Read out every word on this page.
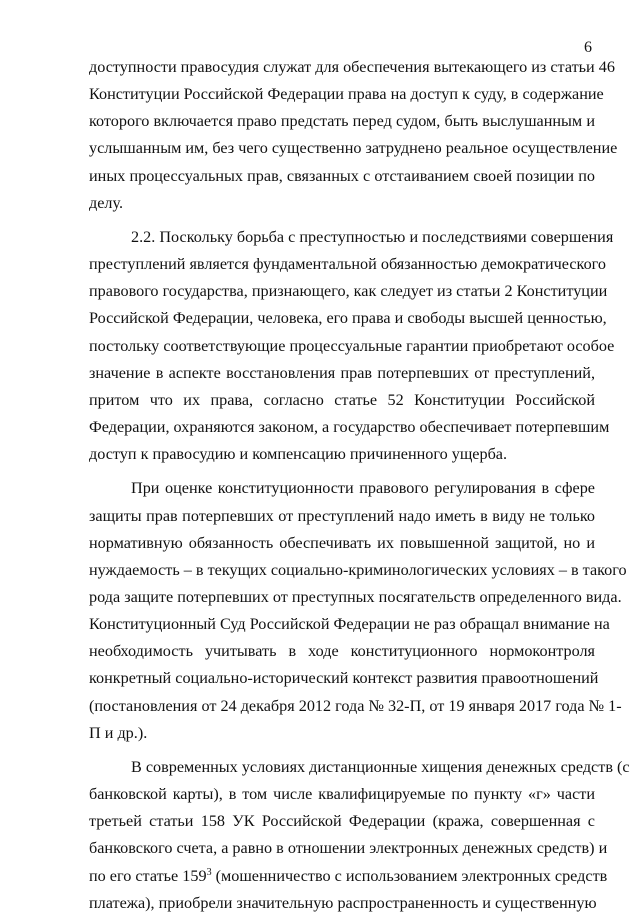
6

доступности правосудия служат для обеспечения вытекающего из статьи 46
Конституции Российской Федерации права на доступ к суду, в содержание
которого включается право предстать перед судом, быть выслушанным и
услышанным им, без чего существенно затруднено реальное осуществление
иных процессуальных прав, связанных с отстаиванием своей позиции по
делу.

2.2. Поскольку борьба с преступностью и последствиями совершения
преступлений является фундаментальной обязанностью демократического
правового государства, признающего, как следует из статьи 2 Конституции
Российской Федерации, человека, его права и свободы высшей ценностью,
постольку соответствующие процессуальные гарантии приобретают особое
значение в аспекте восстановления прав потерпевших от преступлений,
притом что их права, согласно статье 52 Конституции Российской
Федерации, охраняются законом, а государство обеспечивает потерпевшим
доступ к правосудию и компенсацию причиненного ущерба.

При оценке конституционности правового регулирования в сфере
защиты прав потерпевших от преступлений надо иметь в виду не только
нормативную обязанность обеспечивать их повышенной защитой, но и
нуждаемость – в текущих социально-криминологических условиях – в такого
рода защите потерпевших от преступных посягательств определенного вида.
Конституционный Суд Российской Федерации не раз обращал внимание на
необходимость учитывать в ходе конституционного нормоконтроля
конкретный социально-исторический контекст развития правоотношений
(постановления от 24 декабря 2012 года № 32-П, от 19 января 2017 года № 1-
П и др.).

В современных условиях дистанционные хищения денежных средств (с
банковской карты), в том числе квалифицируемые по пункту «г» части
третьей статьи 158 УК Российской Федерации (кража, совершенная с
банковского счета, а равно в отношении электронных денежных средств) и
по его статье $159^3$ (мошенничество с использованием электронных средств
платежа), приобрели значительную распространенность и существенную
